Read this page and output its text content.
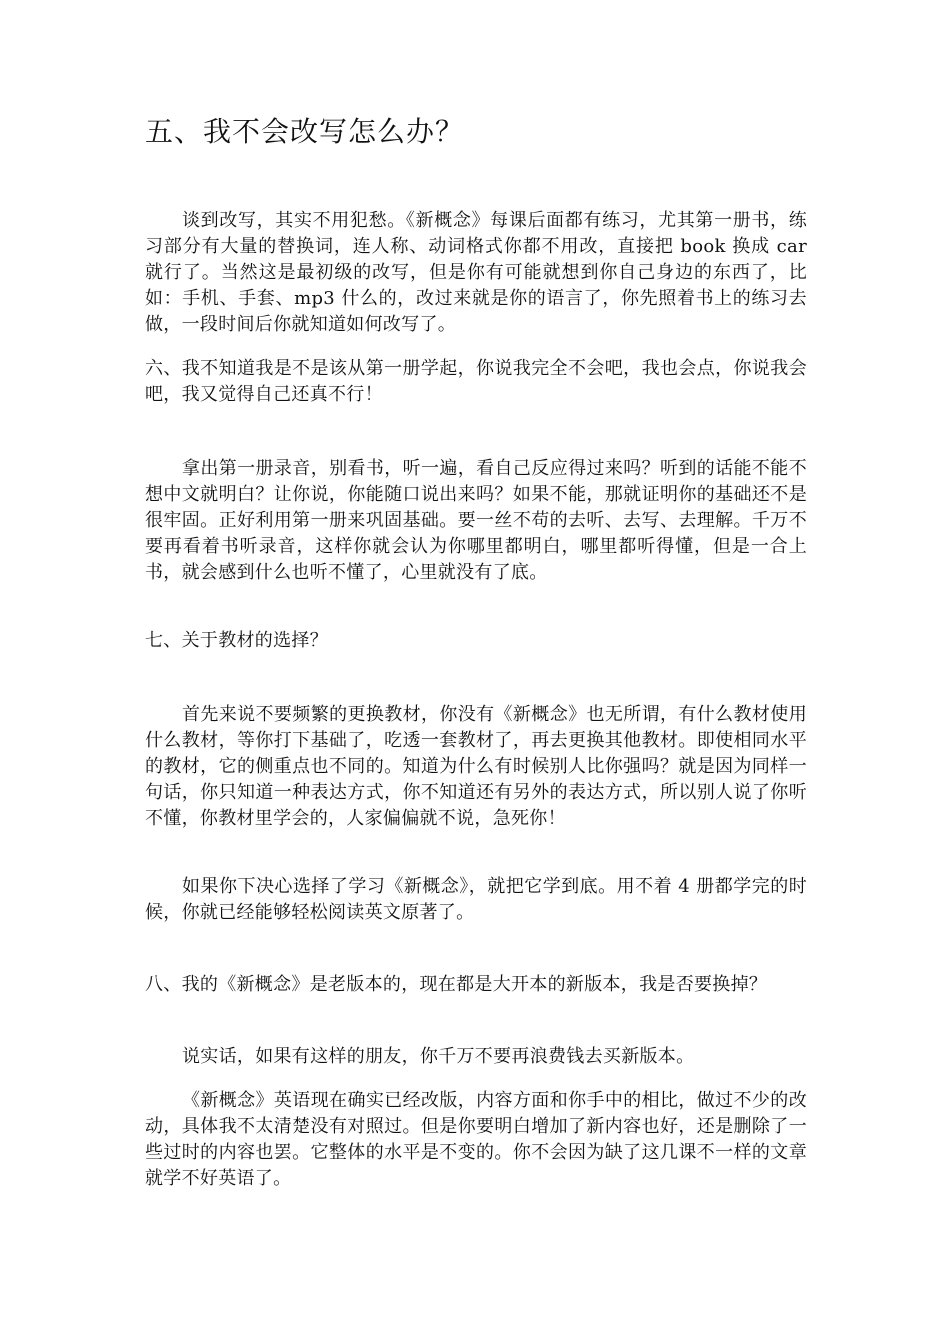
五、我不会改写怎么办？

谈到改写，其实不用犯愁。《新概念》每课后面都有练习，尤其第一册书，练习部分有大量的替换词，连人称、动词格式你都不用改，直接把 book 换成 car 就行了。当然这是最初级的改写，但是你有可能就想到你自己身边的东西了，比如：手机、手套、mp3 什么的，改过来就是你的语言了，你先照着书上的练习去做，一段时间后你就知道如何改写了。

六、我不知道我是不是该从第一册学起，你说我完全不会吧，我也会点，你说我会吧，我又觉得自己还真不行！

拿出第一册录音，别看书，听一遍，看自己反应得过来吗？听到的话能不能不想中文就明白？让你说，你能随口说出来吗？如果不能，那就证明你的基础还不是很牢固。正好利用第一册来巩固基础。要一丝不苟的去听、去写、去理解。千万不要再看着书听录音，这样你就会认为你哪里都明白，哪里都听得懂，但是一合上书，就会感到什么也听不懂了，心里就没有了底。

七、关于教材的选择？

首先来说不要频繁的更换教材，你没有《新概念》也无所谓，有什么教材使用什么教材，等你打下基础了，吃透一套教材了，再去更换其他教材。即使相同水平的教材，它的侧重点也不同的。知道为什么有时候别人比你强吗？就是因为同样一句话，你只知道一种表达方式，你不知道还有另外的表达方式，所以别人说了你听不懂，你教材里学会的，人家偏偏就不说，急死你！

如果你下决心选择了学习《新概念》，就把它学到底。用不着 4 册都学完的时候，你就已经能够轻松阅读英文原著了。

八、我的《新概念》是老版本的，现在都是大开本的新版本，我是否要换掉？

说实话，如果有这样的朋友，你千万不要再浪费钱去买新版本。

《新概念》英语现在确实已经改版，内容方面和你手中的相比，做过不少的改动，具体我不太清楚没有对照过。但是你要明白增加了新内容也好，还是删除了一些过时的内容也罢。它整体的水平是不变的。你不会因为缺了这几课不一样的文章就学不好英语了。
